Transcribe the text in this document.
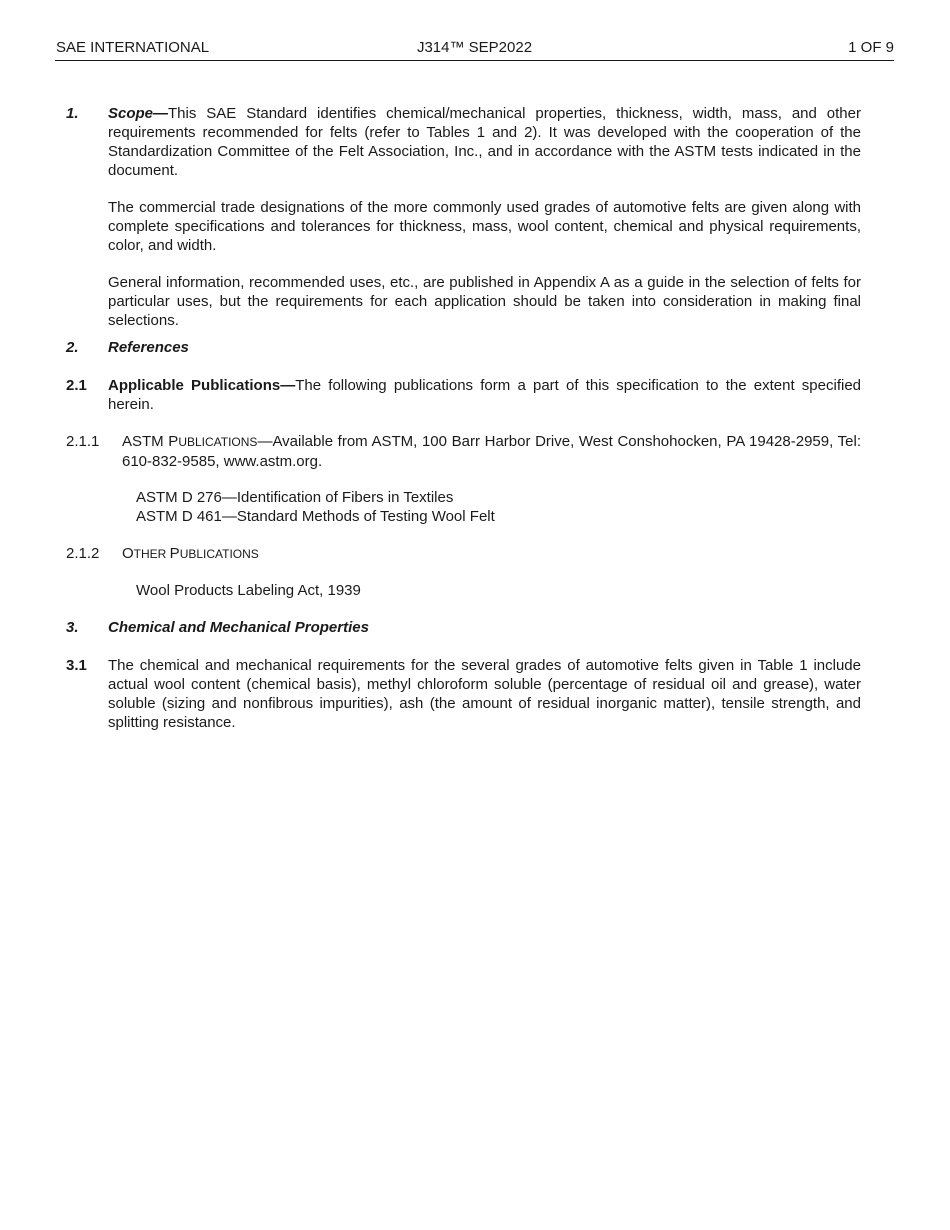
SAE INTERNATIONAL	J314™ SEP2022	1 OF 9
1. Scope—This SAE Standard identifies chemical/mechanical properties, thickness, width, mass, and other requirements recommended for felts (refer to Tables 1 and 2). It was developed with the cooperation of the Standardization Committee of the Felt Association, Inc., and in accordance with the ASTM tests indicated in the document.

The commercial trade designations of the more commonly used grades of automotive felts are given along with complete specifications and tolerances for thickness, mass, wool content, chemical and physical requirements, color, and width.

General information, recommended uses, etc., are published in Appendix A as a guide in the selection of felts for particular uses, but the requirements for each application should be taken into consideration in making final selections.

2. References
2.1 Applicable Publications—The following publications form a part of this specification to the extent specified herein.

2.1.1 ASTM PUBLICATIONS—Available from ASTM, 100 Barr Harbor Drive, West Conshohocken, PA 19428-2959, Tel: 610-832-9585, www.astm.org.

ASTM D 276—Identification of Fibers in Textiles
ASTM D 461—Standard Methods of Testing Wool Felt
2.1.2 OTHER PUBLICATIONS
Wool Products Labeling Act, 1939
3. Chemical and Mechanical Properties
3.1 The chemical and mechanical requirements for the several grades of automotive felts given in Table 1 include actual wool content (chemical basis), methyl chloroform soluble (percentage of residual oil and grease), water soluble (sizing and nonfibrous impurities), ash (the amount of residual inorganic matter), tensile strength, and splitting resistance.
